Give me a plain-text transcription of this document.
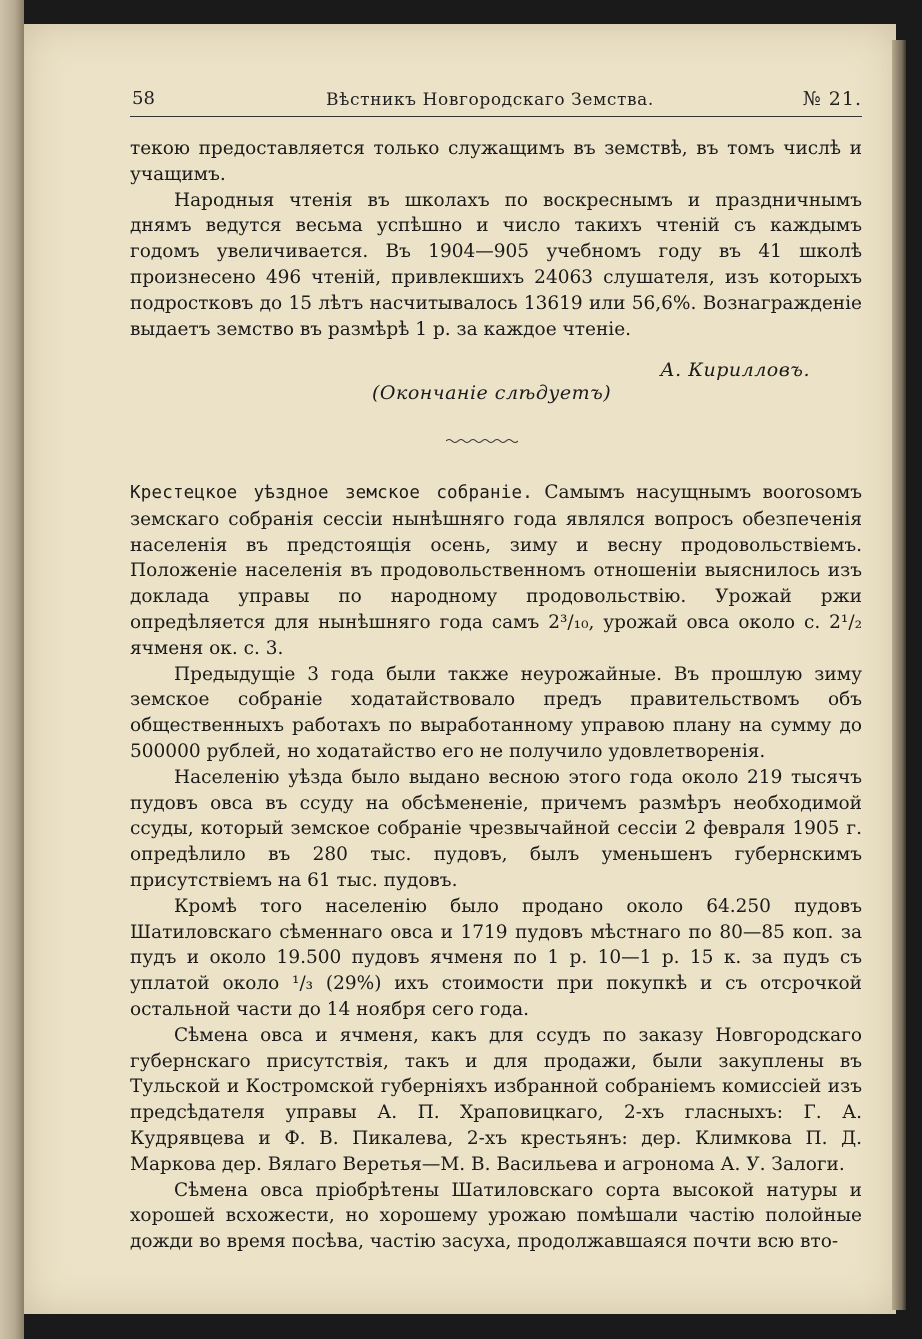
58	Вѣстникъ Новгородскаго Земства.	№ 21.

текою предоставляется только служащимъ въ земствѣ, въ томъ числѣ и учащимъ.

Народныя чтенія въ школахъ по воскреснымъ и праздничнымъ днямъ ведутся весьма успѣшно и число такихъ чтеній съ каждымъ годомъ увеличивается. Въ 1904—905 учебномъ году въ 41 школѣ произнесено 496 чтеній, привлекшихъ 24063 слушателя, изъ которыхъ подростковъ до 15 лѣтъ насчитывалось 13619 или 56,6%. Вознагражденіе выдаетъ земство въ размѣрѣ 1 р. за каждое чтеніе.

А. Кирилловъ.
(Окончаніе слѣдуетъ)

Крестецкое уѣздное земское собраніе. Самымъ насущнымъ воorosомъ земскаго собранія сессіи нынѣшняго года являлся вопросъ обезпеченія населенія въ предстоящія осень, зиму и весну продовольствіемъ. Положеніе населенія въ продовольственномъ отношеніи выяснилось изъ доклада управы по народному продовольствію. Урожай ржи опредѣляется для нынѣшняго года самъ 2³/₁₀, урожай овса около с. 2¹/₂ ячменя ок. с. 3.

Предыдущіе 3 года были также неурожайные. Въ прошлую зиму земское собраніе ходатайствовало предъ правительствомъ объ общественныхъ работахъ по выработанному управою плану на сумму до 500000 рублей, но ходатайство его не получило удовлетворенія.

Населенію уѣзда было выдано весною этого года около 219 тысячъ пудовъ овса въ ссуду на обсѣмененіе, причемъ размѣръ необходимой ссуды, который земское собраніе чрезвычайной сессіи 2 февраля 1905 г. опредѣлило въ 280 тыс. пудовъ, былъ уменьшенъ губернскимъ присутствіемъ на 61 тыс. пудовъ.

Кромѣ того населенію было продано около 64.250 пудовъ Шатиловскаго сѣменнаго овса и 1719 пудовъ мѣстнаго по 80—85 коп. за пудъ и около 19.500 пудовъ ячменя по 1 р. 10—1 р. 15 к. за пудъ съ уплатой около ¹/₃ (29%) ихъ стоимости при покупкѣ и съ отсрочкой остальной части до 14 ноября сего года.

Сѣмена овса и ячменя, какъ для ссудъ по заказу Новгородскаго губернскаго присутствія, такъ и для продажи, были закуплены въ Тульской и Костромской губерніяхъ избранной собраніемъ комиссіей изъ предсѣдателя управы А. П. Храповицкаго, 2-хъ гласныхъ: Г. А. Кудрявцева и Ф. В. Пикалева, 2-хъ крестьянъ: дер. Климкова П. Д. Маркова дер. Вялаго Веретья—М. В. Васильева и агронома А. У. Залоги.

Сѣмена овса пріобрѣтены Шатиловскаго сорта высокой натуры и хорошей всхожести, но хорошему урожаю помѣшали частію полойные дожди во время посѣва, частію засуха, продолжавшаяся почти всю вто-
